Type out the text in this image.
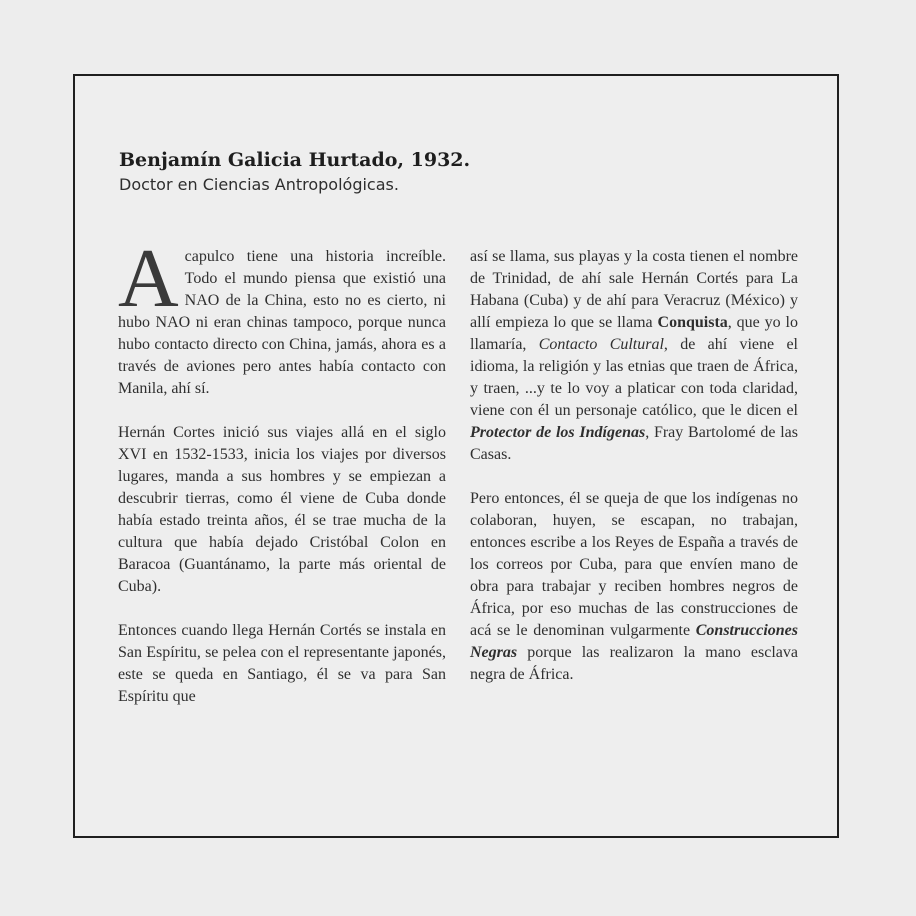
Benjamín Galicia Hurtado, 1932.
Doctor en Ciencias Antropológicas.

Acapulco tiene una historia increíble. Todo el mundo piensa que existió una NAO de la China, esto no es cierto, ni hubo NAO ni eran chinas tampoco, porque nunca hubo contacto directo con China, jamás, ahora es a través de aviones pero antes había contacto con Manila, ahí sí.

Hernán Cortes inició sus viajes allá en el siglo XVI en 1532-1533, inicia los viajes por diversos lugares, manda a sus hombres y se empiezan a descubrir tierras, como él viene de Cuba donde había estado treinta años, él se trae mucha de la cultura que había dejado Cristóbal Colon en Baracoa (Guantánamo, la parte más oriental de Cuba).

Entonces cuando llega Hernán Cortés se instala en San Espíritu, se pelea con el representante japonés, este se queda en Santiago, él se va para San Espíritu que

así se llama, sus playas y la costa tienen el nombre de Trinidad, de ahí sale Hernán Cortés para La Habana (Cuba) y de ahí para Veracruz (México) y allí empieza lo que se llama Conquista, que yo lo llamaría, Contacto Cultural, de ahí viene el idioma, la religión y las etnias que traen de África, y traen, ...y te lo voy a platicar con toda claridad, viene con él un personaje católico, que le dicen el Protector de los Indígenas, Fray Bartolomé de las Casas.

Pero entonces, él se queja de que los indígenas no colaboran, huyen, se escapan, no trabajan, entonces escribe a los Reyes de España a través de los correos por Cuba, para que envíen mano de obra para trabajar y reciben hombres negros de África, por eso muchas de las construcciones de acá se le denominan vulgarmente Construcciones Negras porque las realizaron la mano esclava negra de África.
